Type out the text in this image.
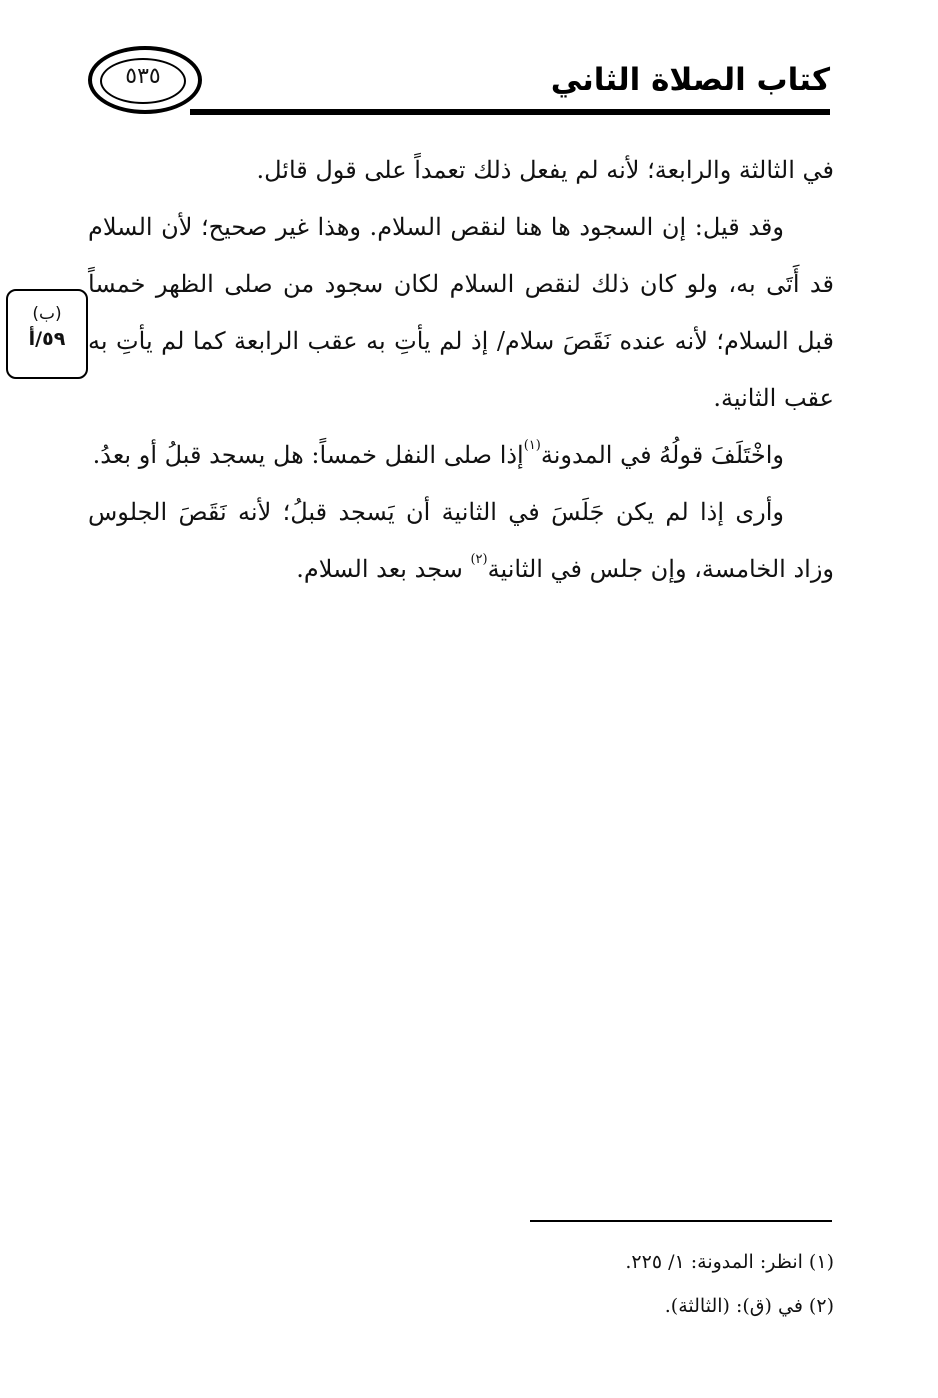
كتاب الصلاة الثاني
٥٣٥

في الثالثة والرابعة؛ لأنه لم يفعل ذلك تعمداً على قول قائل.

وقد قيل: إن السجود ها هنا لنقص السلام. وهذا غير صحيح؛ لأن السلام قد أَتَى به، ولو كان ذلك لنقص السلام لكان سجود من صلى الظهر خمساً قبل السلام؛ لأنه عنده نَقَصَ سلام/ إذ لم يأتِ به عقب الرابعة كما لم يأتِ به عقب الثانية.

واخْتَلَفَ قولُهُ في المدونة$^{(١)}$إذا صلى النفل خمساً: هل يسجد قبلُ أو بعدُ.

وأرى إذا لم يكن جَلَسَ في الثانية أن يَسجد قبلُ؛ لأنه نَقَصَ الجلوس وزاد الخامسة، وإن جلس في الثانية$^{(٢)}$ سجد بعد السلام.

(ب)
٥٩/أ

(١) انظر: المدونة: ١/ ٢٢٥.

(٢) في (ق): (الثالثة).
